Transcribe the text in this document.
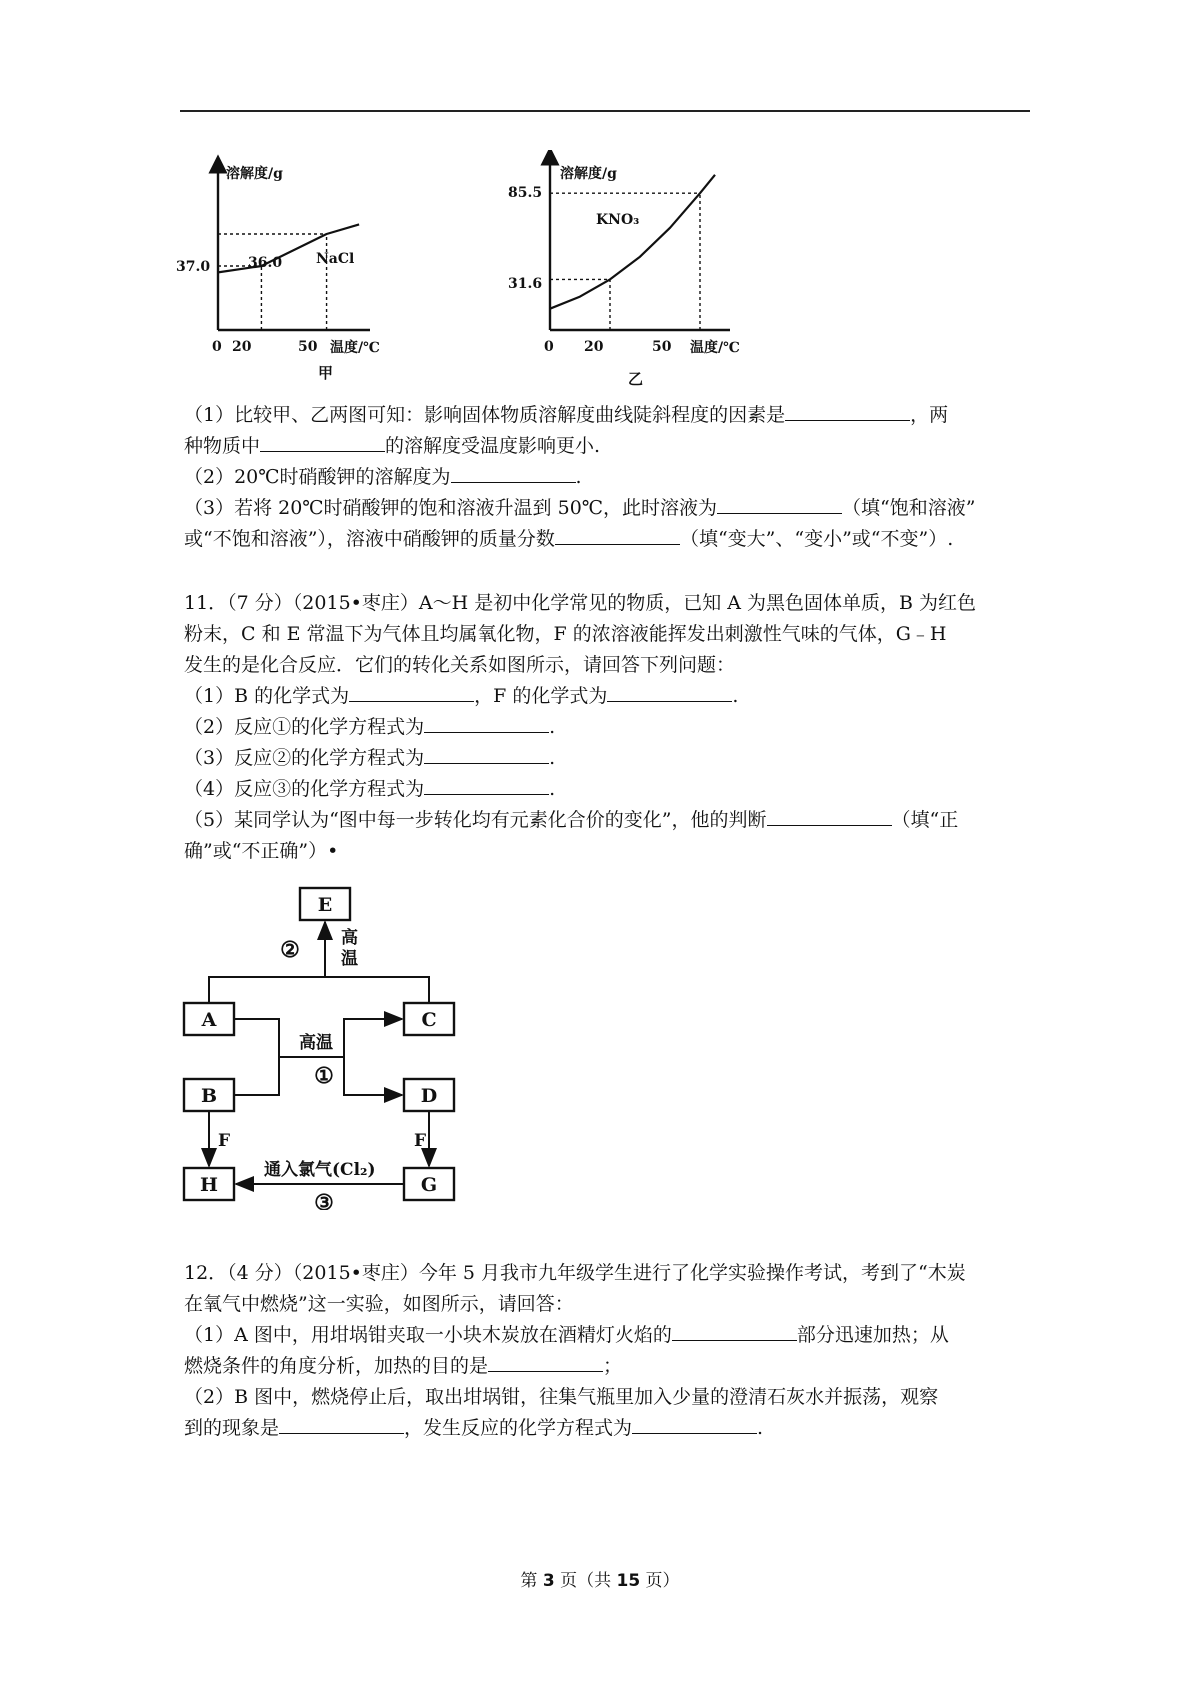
溶解度/g
37.0	36.0 NaCl
0 20	50 温度/℃
甲
溶解度/g
85.5
31.6
KNO₃
0 20	50 温度/℃
乙
（1）比较甲、乙两图可知：影响固体物质溶解度曲线陡斜程度的因素是	，两
种物质中	的溶解度受温度影响更小.
（2）20℃时硝酸钾的溶解度为	.
（3）若将 20℃时硝酸钾的饱和溶液升温到 50℃，此时溶液为	（填“饱和溶液”
或“不饱和溶液”），溶液中硝酸钾的质量分数	（填“变大”、“变小”或“不变”）.
11．（7 分）（2015•枣庄）A～H 是初中化学常见的物质，已知 A 为黑色固体单质，B 为红色
粉末，C 和 E 常温下为气体且均属氧化物，F 的浓溶液能挥发出刺激性气味的气体，G﹣H
发生的是化合反应．它们的转化关系如图所示，请回答下列问题：
（1）B 的化学式为	，F 的化学式为	.
（2）反应①的化学方程式为	.
（3）反应②的化学方程式为	.
（4）反应③的化学方程式为	.
（5）某同学认为“图中每一步转化均有元素化合价的变化”，他的判断	（填“正
确”或“不正确”）•
E
A
B
C
D
H	G
② 高
温
高温
①
F	F
通入氯气(Cl₂)
③
12．（4 分）（2015•枣庄）今年 5 月我市九年级学生进行了化学实验操作考试，考到了“木炭
在氧气中燃烧”这一实验，如图所示，请回答：
（1）A 图中，用坩埚钳夹取一小块木炭放在酒精灯火焰的	部分迅速加热；从
燃烧条件的角度分析，加热的目的是	；
（2）B 图中，燃烧停止后，取出坩埚钳，往集气瓶里加入少量的澄清石灰水并振荡，观察
到的现象是	，发生反应的化学方程式为	.
第 3 页（共 15 页）
